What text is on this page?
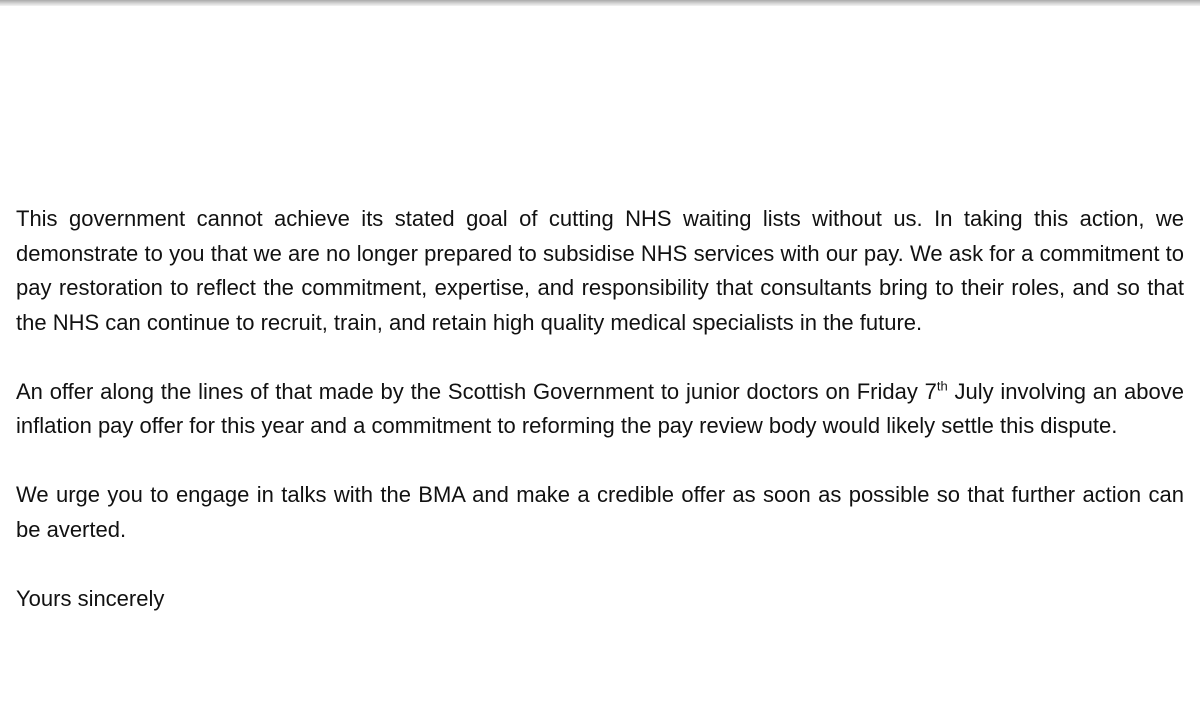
This government cannot achieve its stated goal of cutting NHS waiting lists without us. In taking this action, we demonstrate to you that we are no longer prepared to subsidise NHS services with our pay. We ask for a commitment to pay restoration to reflect the commitment, expertise, and responsibility that consultants bring to their roles, and so that the NHS can continue to recruit, train, and retain high quality medical specialists in the future.

An offer along the lines of that made by the Scottish Government to junior doctors on Friday 7th July involving an above inflation pay offer for this year and a commitment to reforming the pay review body would likely settle this dispute.

We urge you to engage in talks with the BMA and make a credible offer as soon as possible so that further action can be averted.

Yours sincerely
